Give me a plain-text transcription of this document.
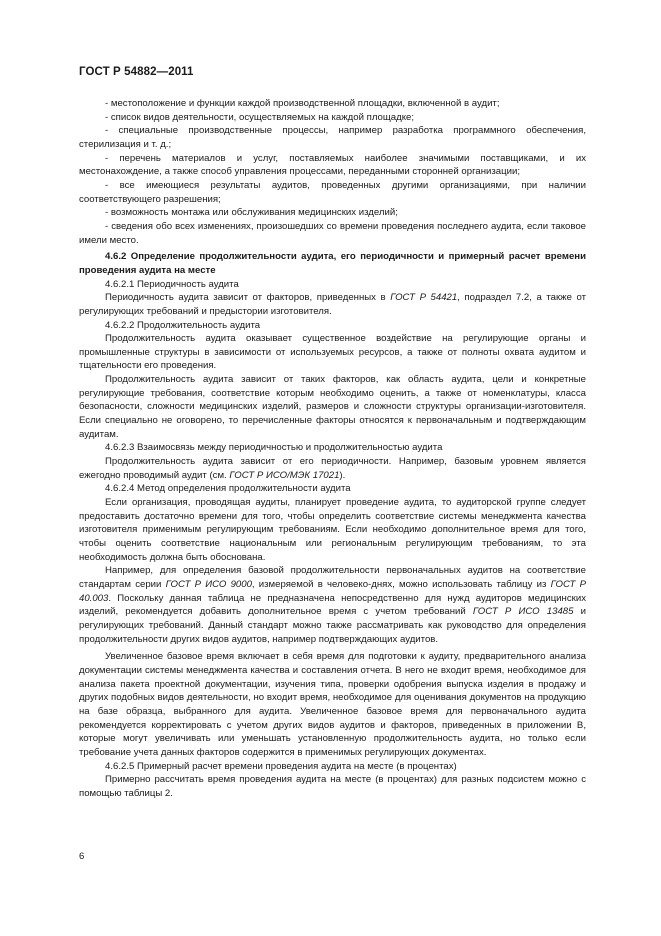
ГОСТ Р 54882—2011

- местоположение и функции каждой производственной площадки, включенной в аудит;

- список видов деятельности, осуществляемых на каждой площадке;

- специальные производственные процессы, например разработка программного обеспечения, стерилизация и т. д.;

- перечень материалов и услуг, поставляемых наиболее значимыми поставщиками, и их местонахождение, а также способ управления процессами, переданными сторонней организации;

- все имеющиеся результаты аудитов, проведенных другими организациями, при наличии соответствующего разрешения;

- возможность монтажа или обслуживания медицинских изделий;

- сведения обо всех изменениях, произошедших со времени проведения последнего аудита, если таковое имели место.

4.6.2 Определение продолжительности аудита, его периодичности и примерный расчет времени проведения аудита на месте

4.6.2.1 Периодичность аудита

Периодичность аудита зависит от факторов, приведенных в ГОСТ Р 54421, подраздел 7.2, а также от регулирующих требований и предыстории изготовителя.

4.6.2.2 Продолжительность аудита

Продолжительность аудита оказывает существенное воздействие на регулирующие органы и промышленные структуры в зависимости от используемых ресурсов, а также от полноты охвата аудитом и тщательности его проведения.

Продолжительность аудита зависит от таких факторов, как область аудита, цели и конкретные регулирующие требования, соответствие которым необходимо оценить, а также от номенклатуры, класса безопасности, сложности медицинских изделий, размеров и сложности структуры организации-изготовителя. Если специально не оговорено, то перечисленные факторы относятся к первоначальным и подтверждающим аудитам.

4.6.2.3 Взаимосвязь между периодичностью и продолжительностью аудита

Продолжительность аудита зависит от его периодичности. Например, базовым уровнем является ежегодно проводимый аудит (см. ГОСТ Р ИСО/МЭК 17021).

4.6.2.4 Метод определения продолжительности аудита

Если организация, проводящая аудиты, планирует проведение аудита, то аудиторской группе следует предоставить достаточно времени для того, чтобы определить соответствие системы менеджмента качества изготовителя применимым регулирующим требованиям. Если необходимо дополнительное время для того, чтобы оценить соответствие национальным или региональным регулирующим требованиям, то эта необходимость должна быть обоснована.

Например, для определения базовой продолжительности первоначальных аудитов на соответствие стандартам серии ГОСТ Р ИСО 9000, измеряемой в человеко-днях, можно использовать таблицу из ГОСТ Р 40.003. Поскольку данная таблица не предназначена непосредственно для нужд аудиторов медицинских изделий, рекомендуется добавить дополнительное время с учетом требований ГОСТ Р ИСО 13485 и регулирующих требований. Данный стандарт можно также рассматривать как руководство для определения продолжительности других видов аудитов, например подтверждающих аудитов.

Увеличенное базовое время включает в себя время для подготовки к аудиту, предварительного анализа документации системы менеджмента качества и составления отчета. В него не входит время, необходимое для анализа пакета проектной документации, изучения типа, проверки одобрения выпуска изделия в продажу и других подобных видов деятельности, но входит время, необходимое для оценивания документов на продукцию на базе образца, выбранного для аудита. Увеличенное базовое время для первоначального аудита рекомендуется корректировать с учетом других видов аудитов и факторов, приведенных в приложении B, которые могут увеличивать или уменьшать установленную продолжительность аудита, но только если требование учета данных факторов содержится в применимых регулирующих документах.

4.6.2.5 Примерный расчет времени проведения аудита на месте (в процентах)

Примерно рассчитать время проведения аудита на месте (в процентах) для разных подсистем можно с помощью таблицы 2.

6
